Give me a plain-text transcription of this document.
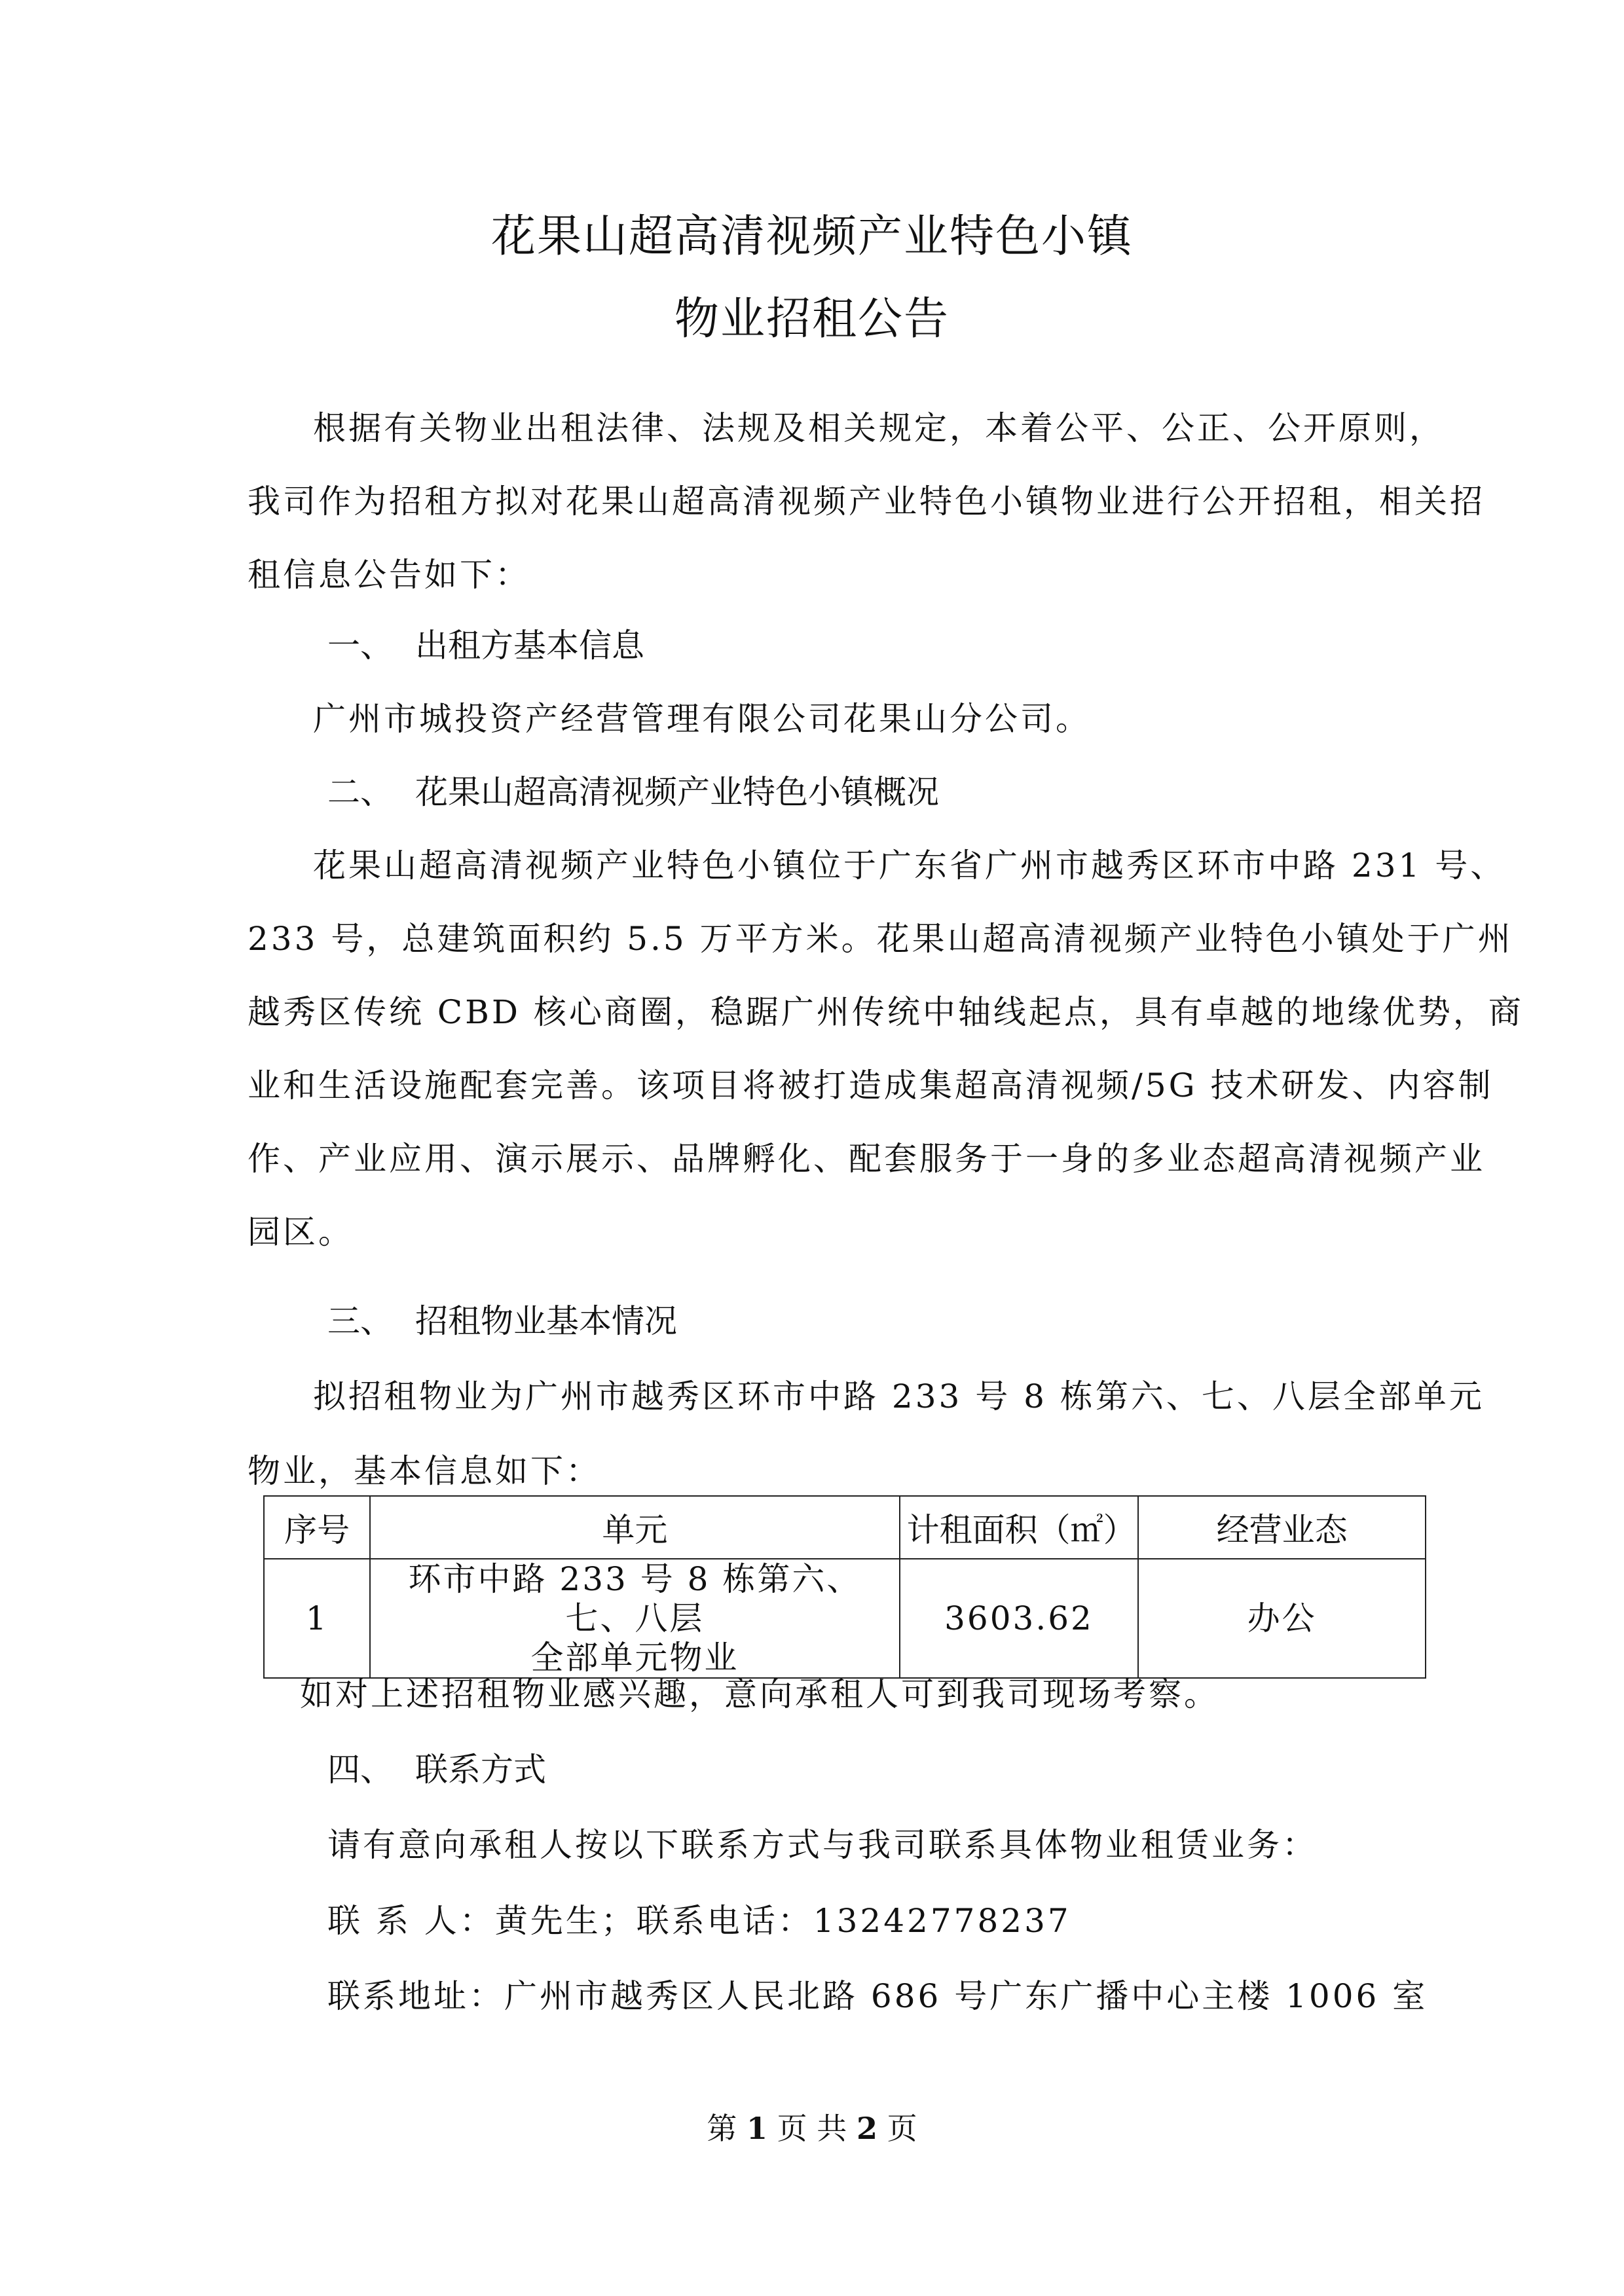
花果山超高清视频产业特色小镇
物业招租公告
根据有关物业出租法律、法规及相关规定，本着公平、公正、公开原则，
我司作为招租方拟对花果山超高清视频产业特色小镇物业进行公开招租，相关招
租信息公告如下：
一、 出租方基本信息
广州市城投资产经营管理有限公司花果山分公司。
二、 花果山超高清视频产业特色小镇概况
花果山超高清视频产业特色小镇位于广东省广州市越秀区环市中路 231 号、
233 号，总建筑面积约 5.5 万平方米。花果山超高清视频产业特色小镇处于广州
越秀区传统 CBD 核心商圈，稳踞广州传统中轴线起点，具有卓越的地缘优势，商
业和生活设施配套完善。该项目将被打造成集超高清视频/5G 技术研发、内容制
作、产业应用、演示展示、品牌孵化、配套服务于一身的多业态超高清视频产业
园区。
三、 招租物业基本情况
拟招租物业为广州市越秀区环市中路 233 号 8 栋第六、七、八层全部单元
物业，基本信息如下：
序号	单元	计租面积（㎡）	经营业态
1	环市中路 233 号 8 栋第六、七、八层
全部单元物业	3603.62	办公
如对上述招租物业感兴趣，意向承租人可到我司现场考察。
四、 联系方式
请有意向承租人按以下联系方式与我司联系具体物业租赁业务：
联 系 人：黄先生；联系电话：13242778237
联系地址：广州市越秀区人民北路 686 号广东广播中心主楼 1006 室
第 1 页 共 2 页
